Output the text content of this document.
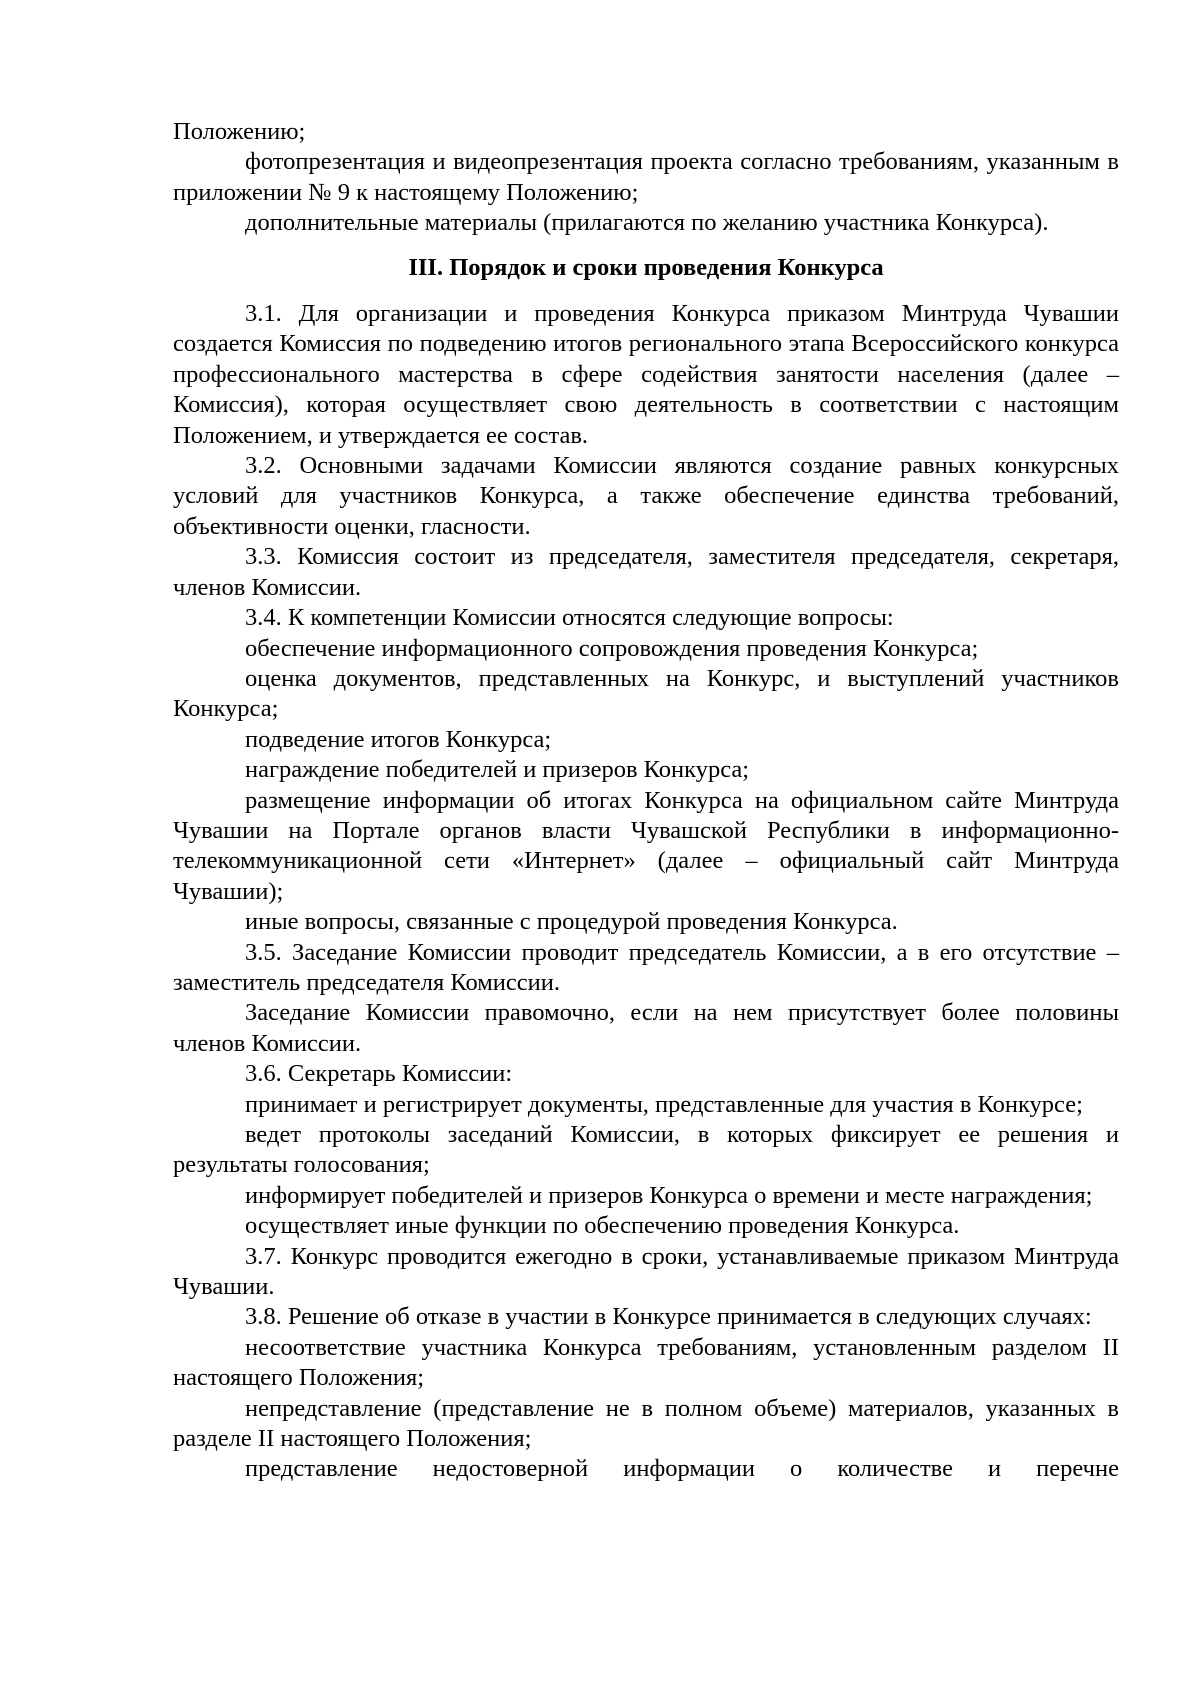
Положению;

фотопрезентация и видеопрезентация проекта согласно требованиям, указанным в приложении № 9 к настоящему Положению;

дополнительные материалы (прилагаются по желанию участника Конкурса).

III. Порядок и сроки проведения Конкурса

3.1. Для организации и проведения Конкурса приказом Минтруда Чувашии создается Комиссия по подведению итогов регионального этапа Всероссийского конкурса профессионального мастерства в сфере содействия занятости населения (далее – Комиссия), которая осуществляет свою деятельность в соответствии с настоящим Положением, и утверждается ее состав.

3.2. Основными задачами Комиссии являются создание равных конкурсных условий для участников Конкурса, а также обеспечение единства требований, объективности оценки, гласности.

3.3. Комиссия состоит из председателя, заместителя председателя, секретаря, членов Комиссии.

3.4. К компетенции Комиссии относятся следующие вопросы:

обеспечение информационного сопровождения проведения Конкурса;

оценка документов, представленных на Конкурс, и выступлений участников Конкурса;

подведение итогов Конкурса;

награждение победителей и призеров Конкурса;

размещение информации об итогах Конкурса на официальном сайте Минтруда Чувашии на Портале органов власти Чувашской Республики в информационно-телекоммуникационной сети «Интернет» (далее – официальный сайт Минтруда Чувашии);

иные вопросы, связанные с процедурой проведения Конкурса.

3.5. Заседание Комиссии проводит председатель Комиссии, а в его отсутствие – заместитель председателя Комиссии.

Заседание Комиссии правомочно, если на нем присутствует более половины членов Комиссии.

3.6. Секретарь Комиссии:

принимает и регистрирует документы, представленные для участия в Конкурсе;

ведет протоколы заседаний Комиссии, в которых фиксирует ее решения и результаты голосования;

информирует победителей и призеров Конкурса о времени и месте награждения;

осуществляет иные функции по обеспечению проведения Конкурса.

3.7. Конкурс проводится ежегодно в сроки, устанавливаемые приказом Минтруда Чувашии.

3.8. Решение об отказе в участии в Конкурсе принимается в следующих случаях:

несоответствие участника Конкурса требованиям, установленным разделом II настоящего Положения;

непредставление (представление не в полном объеме) материалов, указанных в разделе II настоящего Положения;

представление недостоверной информации о количестве и перечне
